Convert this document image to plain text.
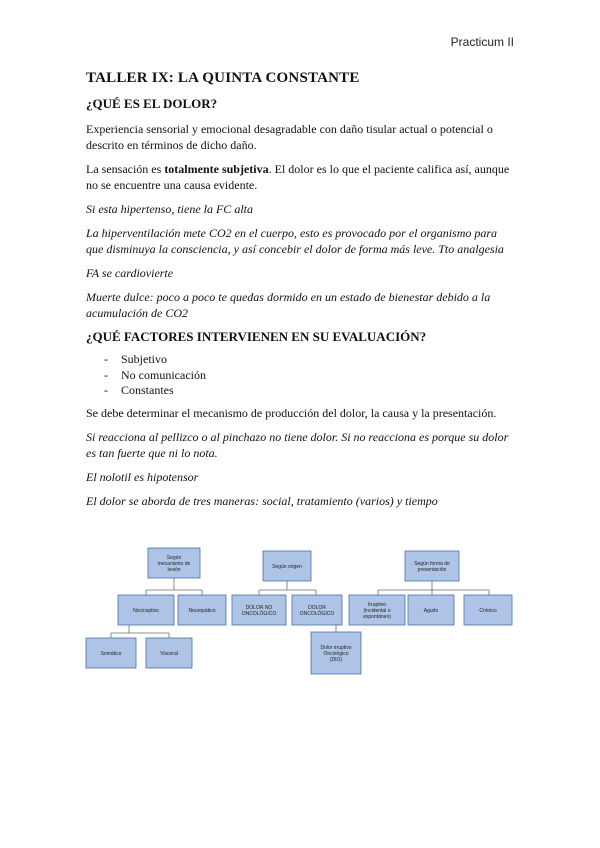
Practicum II
TALLER IX: LA QUINTA CONSTANTE
¿QUÉ ES EL DOLOR?

Experiencia sensorial y emocional desagradable con daño tisular actual o potencial o descrito en términos de dicho daño.

La sensación es totalmente subjetiva. El dolor es lo que el paciente califica así, aunque no se encuentre una causa evidente.

Si esta hipertenso, tiene la FC alta

La hiperventilación mete CO2 en el cuerpo, esto es provocado por el organismo para que disminuya la consciencia, y así concebir el dolor de forma más leve. Tto analgesia

FA se cardiovierte

Muerte dulce: poco a poco te quedas dormido en un estado de bienestar debido a la acumulación de CO2

¿QUÉ FACTORES INTERVIENEN EN SU EVALUACIÓN?
- Subjetivo
- No comunicación
- Constantes

Se debe determinar el mecanismo de producción del dolor, la causa y la presentación.

Si reacciona al pellizco o al pinchazo no tiene dolor. Si no reacciona es porque su dolor es tan fuerte que ni lo nota.

El nolotil es hipotensor

El dolor se aborda de tres maneras: social, tratamiento (varios) y tiempo

Según
mecanismo de
lesión
Nociceptivo	Neuropático
Somático	Visceral
Según origen
DOLOR NO
ONCOLÓGICO
DOLOR
ONCOLÓGICO
Dolor irruptivo
Oncológico
(DIO)
Según forma de
presentación
Irruptivo
(incidental o
espontáneo)
Agudo	Crónico
